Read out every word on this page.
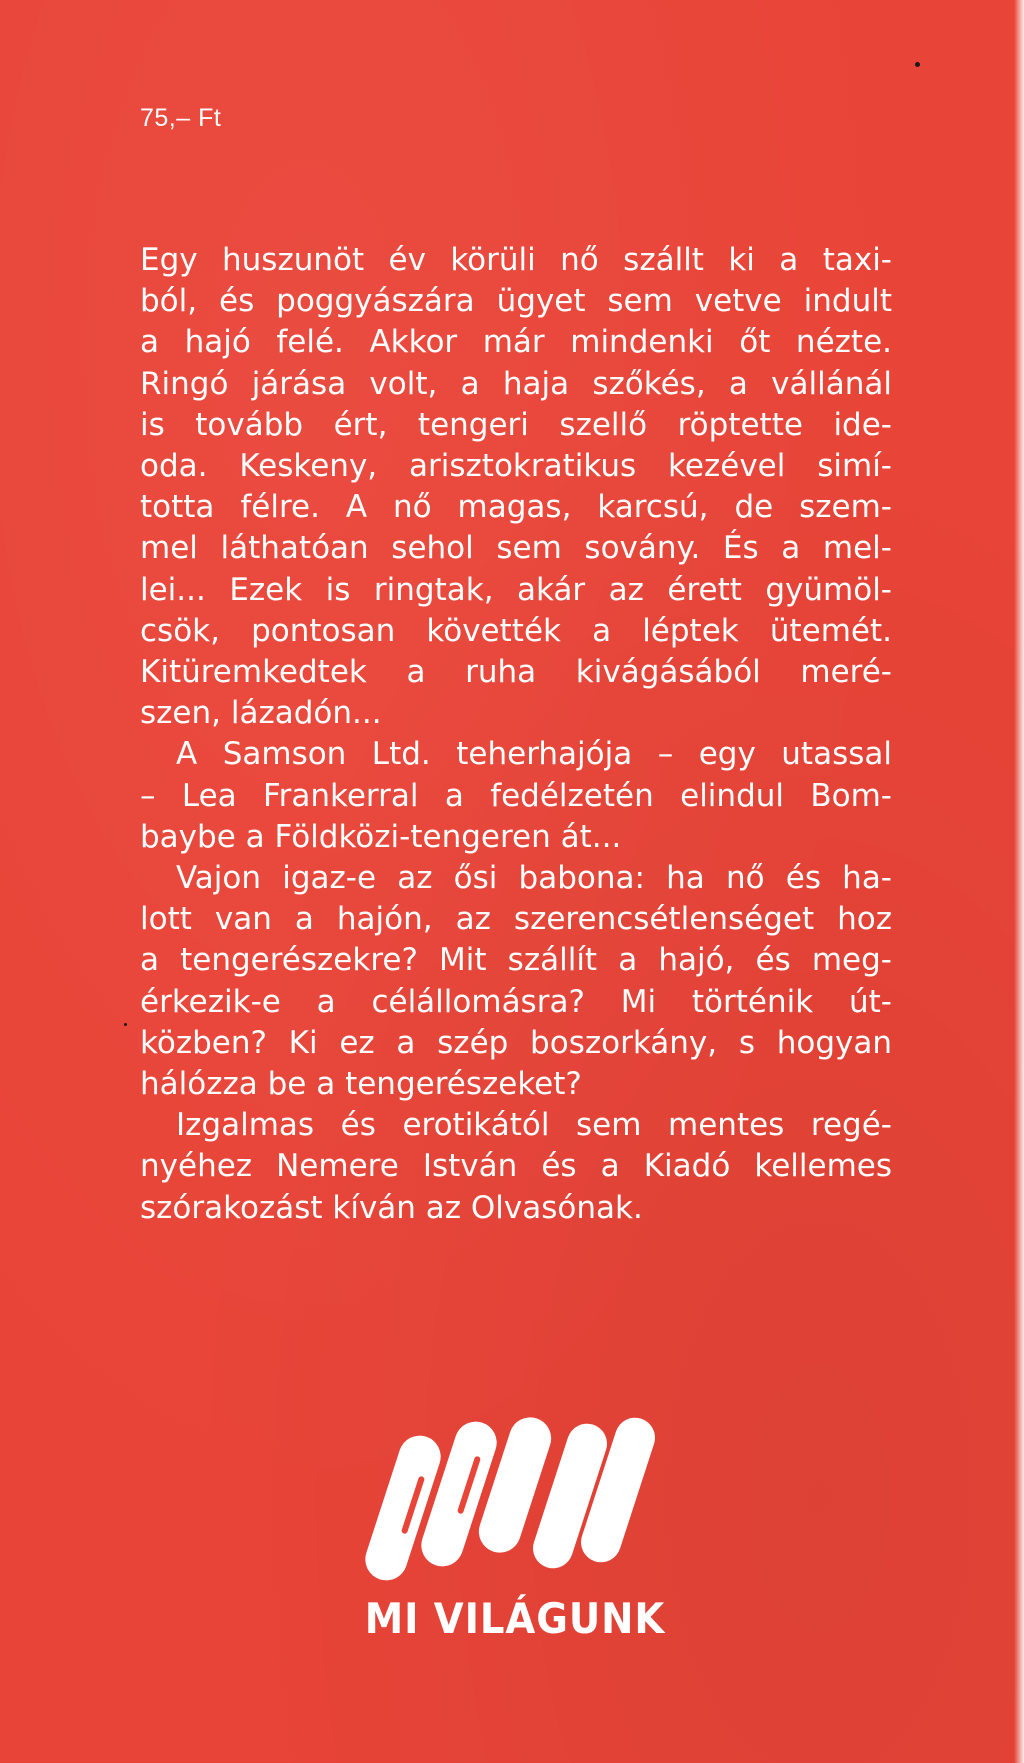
75,– Ft
Egy huszunöt év körüli nő szállt ki a taxi-
ból, és poggyászára ügyet sem vetve indult
a hajó felé. Akkor már mindenki őt nézte.
Ringó járása volt, a haja szőkés, a vállánál
is tovább ért, tengeri szellő röptette ide-
oda. Keskeny, arisztokratikus kezével simí-
totta félre. A nő magas, karcsú, de szem-
mel láthatóan sehol sem sovány. És a mel-
lei... Ezek is ringtak, akár az érett gyümöl-
csök, pontosan követték a léptek ütemét.
Kitüremkedtek a ruha kivágásából meré-
szen, lázadón...
A Samson Ltd. teherhajója – egy utassal
– Lea Frankerral a fedélzetén elindul Bom-
baybe a Földközi-tengeren át...
Vajon igaz-e az ősi babona: ha nő és ha-
lott van a hajón, az szerencsétlenséget hoz
a tengerészekre? Mit szállít a hajó, és meg-
érkezik-e a célállomásra? Mi történik út-
közben? Ki ez a szép boszorkány, s hogyan
hálózza be a tengerészeket?
Izgalmas és erotikától sem mentes regé-
nyéhez Nemere István és a Kiadó kellemes
szórakozást kíván az Olvasónak.
MI VILÁGUNK
